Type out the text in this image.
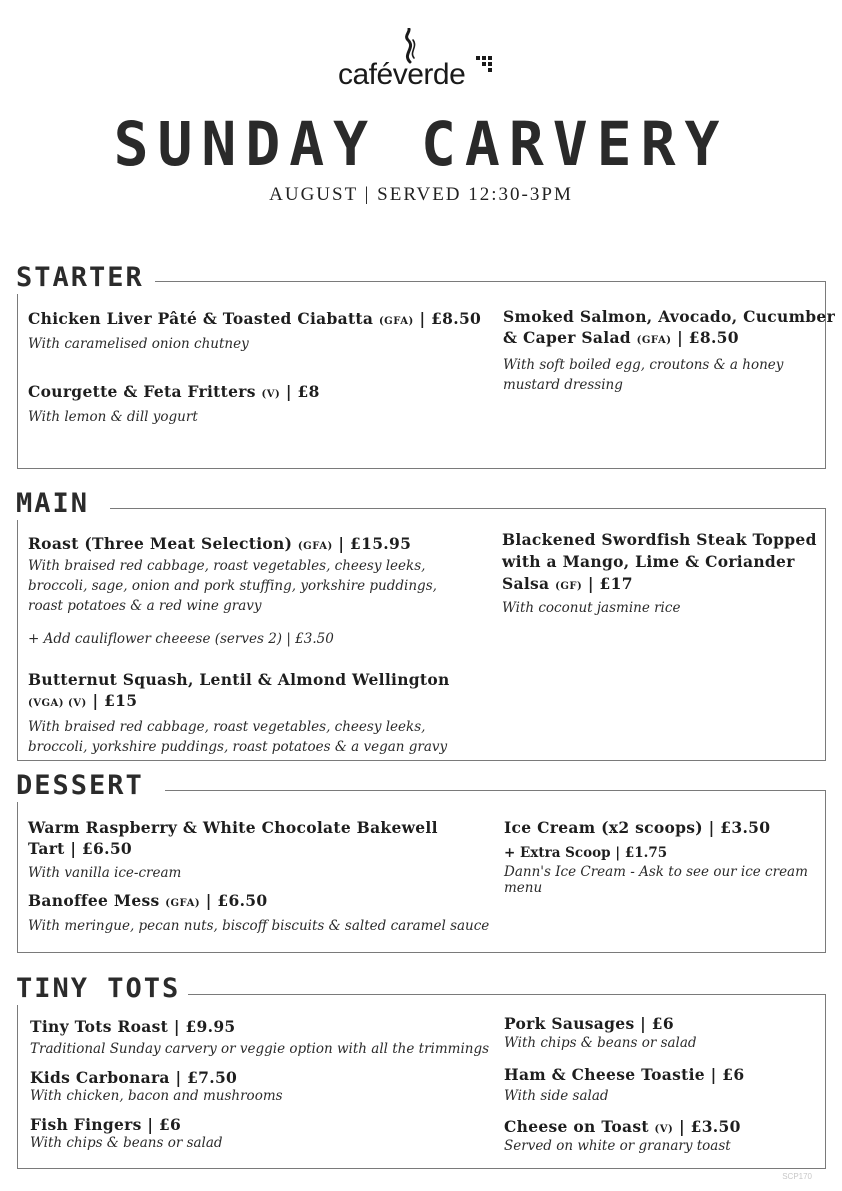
caféverde
SUNDAY CARVERY
AUGUST | SERVED 12:30-3PM
STARTER
Chicken Liver Pâté & Toasted Ciabatta (GFA) | £8.50
With caramelised onion chutney
Courgette & Feta Fritters (V) | £8
With lemon & dill yogurt
Smoked Salmon, Avocado, Cucumber
& Caper Salad (GFA) | £8.50
With soft boiled egg, croutons & a honey
mustard dressing
MAIN
Roast (Three Meat Selection) (GFA) | £15.95
With braised red cabbage, roast vegetables, cheesy leeks,
broccoli, sage, onion and pork stuffing, yorkshire puddings,
roast potatoes & a red wine gravy
+ Add cauliflower cheeese (serves 2) | £3.50
Butternut Squash, Lentil & Almond Wellington
(VGA) (V) | £15
With braised red cabbage, roast vegetables, cheesy leeks,
broccoli, yorkshire puddings, roast potatoes & a vegan gravy
Blackened Swordfish Steak Topped
with a Mango, Lime & Coriander
Salsa (GF) | £17
With coconut jasmine rice
DESSERT
Warm Raspberry & White Chocolate Bakewell
Tart | £6.50
With vanilla ice-cream
Banoffee Mess (GFA) | £6.50
With meringue, pecan nuts, biscoff biscuits & salted caramel sauce
Ice Cream (x2 scoops) | £3.50
+ Extra Scoop | £1.75
Dann's Ice Cream - Ask to see our ice cream
menu
TINY TOTS
Tiny Tots Roast | £9.95
Traditional Sunday carvery or veggie option with all the trimmings
Kids Carbonara | £7.50
With chicken, bacon and mushrooms
Fish Fingers | £6
With chips & beans or salad
Pork Sausages | £6
With chips & beans or salad
Ham & Cheese Toastie | £6
With side salad
Cheese on Toast (V) | £3.50
Served on white or granary toast
SCP170
